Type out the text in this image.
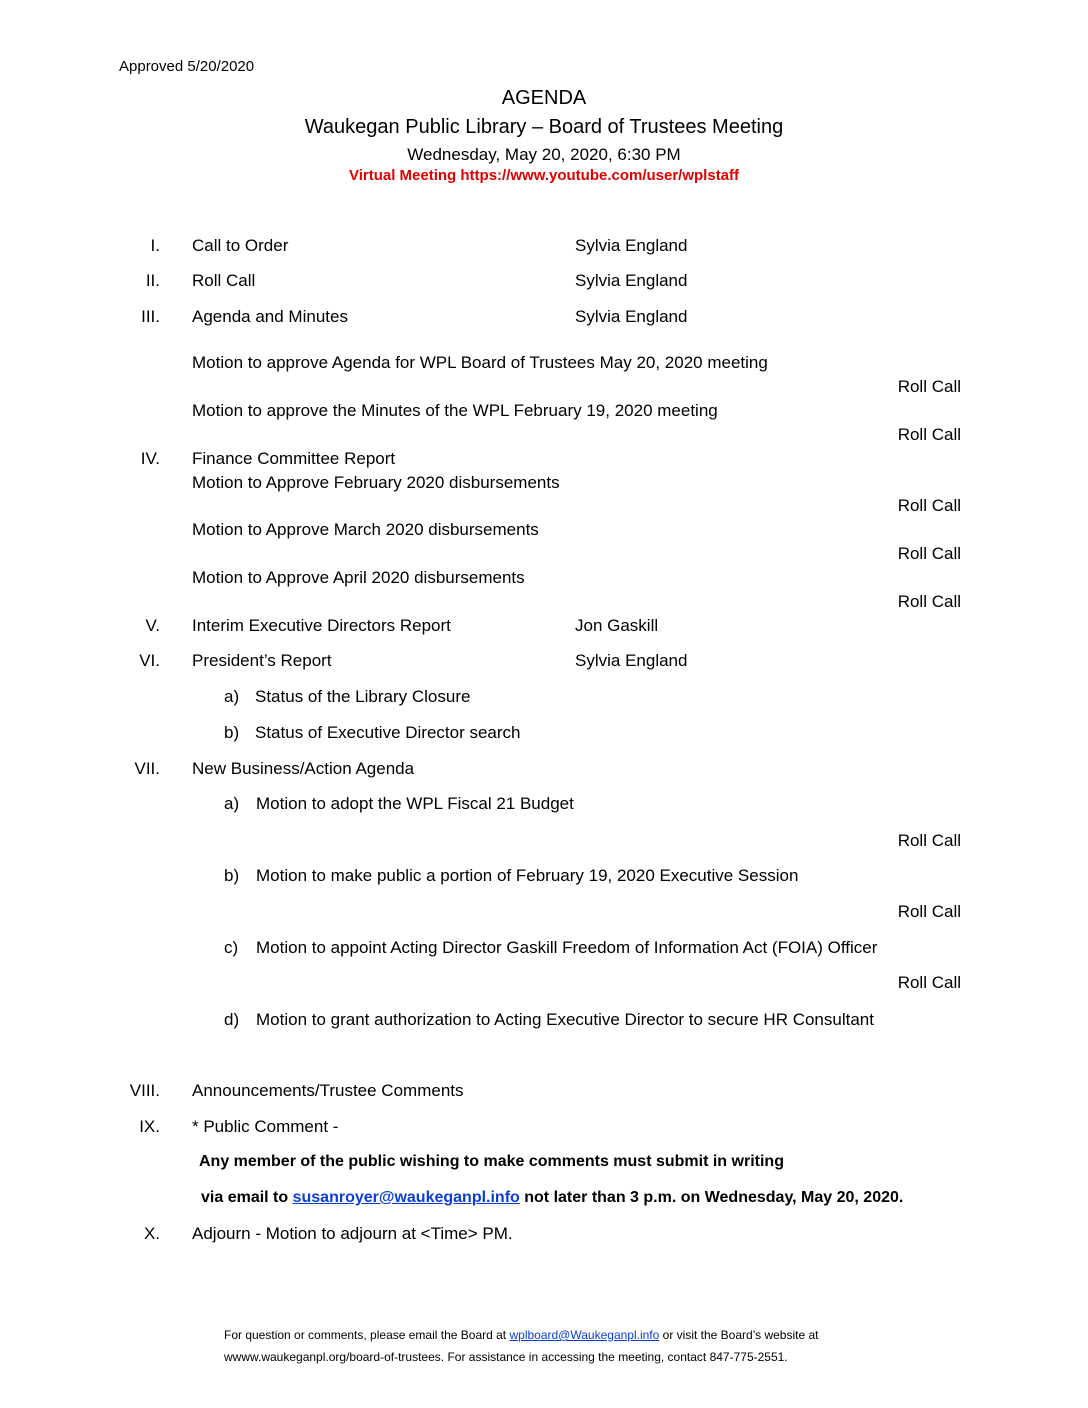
Approved 5/20/2020
AGENDA
Waukegan Public Library – Board of Trustees Meeting
Wednesday, May 20, 2020, 6:30 PM
Virtual Meeting https://www.youtube.com/user/wplstaff
I. Call to Order	Sylvia England
II. Roll Call	Sylvia England
III. Agenda and Minutes	Sylvia England
Motion to approve Agenda for WPL Board of Trustees May 20, 2020 meeting
Roll Call
Motion to approve the Minutes of the WPL February 19, 2020 meeting
Roll Call
IV. Finance Committee Report
Motion to Approve February 2020 disbursements
Roll Call
Motion to Approve March 2020 disbursements
Roll Call
Motion to Approve April 2020 disbursements
Roll Call
V. Interim Executive Directors Report	Jon Gaskill
VI. President’s Report	Sylvia England
a) Status of the Library Closure
b) Status of Executive Director search
VII. New Business/Action Agenda
a) Motion to adopt the WPL Fiscal 21 Budget
Roll Call
b) Motion to make public a portion of February 19, 2020 Executive Session
Roll Call
c) Motion to appoint Acting Director Gaskill Freedom of Information Act (FOIA) Officer
Roll Call
d) Motion to grant authorization to Acting Executive Director to secure HR Consultant
VIII. Announcements/Trustee Comments
IX. * Public Comment -
Any member of the public wishing to make comments must submit in writing
via email to susanroyer@waukeganpl.info not later than 3 p.m. on Wednesday, May 20, 2020.
X. Adjourn - Motion to adjourn at <Time> PM.
For question or comments, please email the Board at wplboard@Waukeganpl.info or visit the Board’s website at
wwww.waukeganpl.org/board-of-trustees. For assistance in accessing the meeting, contact 847-775-2551.
